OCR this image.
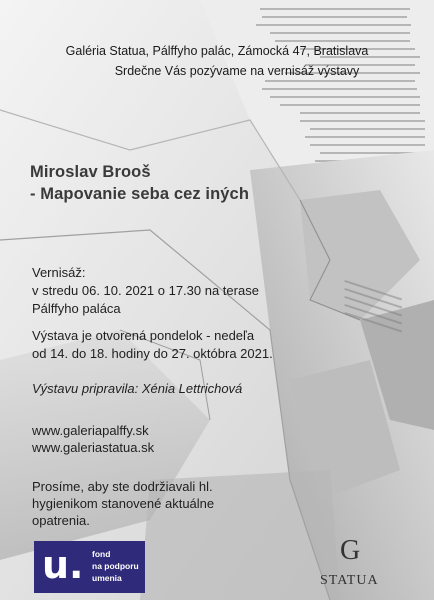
Galéria Statua, Pálffyho palác, Zámocká 47, Bratislava
Srdečne Vás pozývame na vernisáž výstavy
Miroslav Brooš
- Mapovanie seba cez iných
Vernisáž:
v stredu 06. 10. 2021 o 17.30 na terase
Pálffyho paláca
Výstava je otvorená pondelok - nedeľa
od 14. do 18. hodiny do 27. októbra 2021.
Výstavu pripravila: Xénia Lettrichová
www.galeriapalffy.sk
www.galeriastatua.sk
Prosíme, aby ste dodržiavali hl.
hygienikom stanovené aktuálne
opatrenia.
u. fond
na podporu
umenia
G
STATUA
